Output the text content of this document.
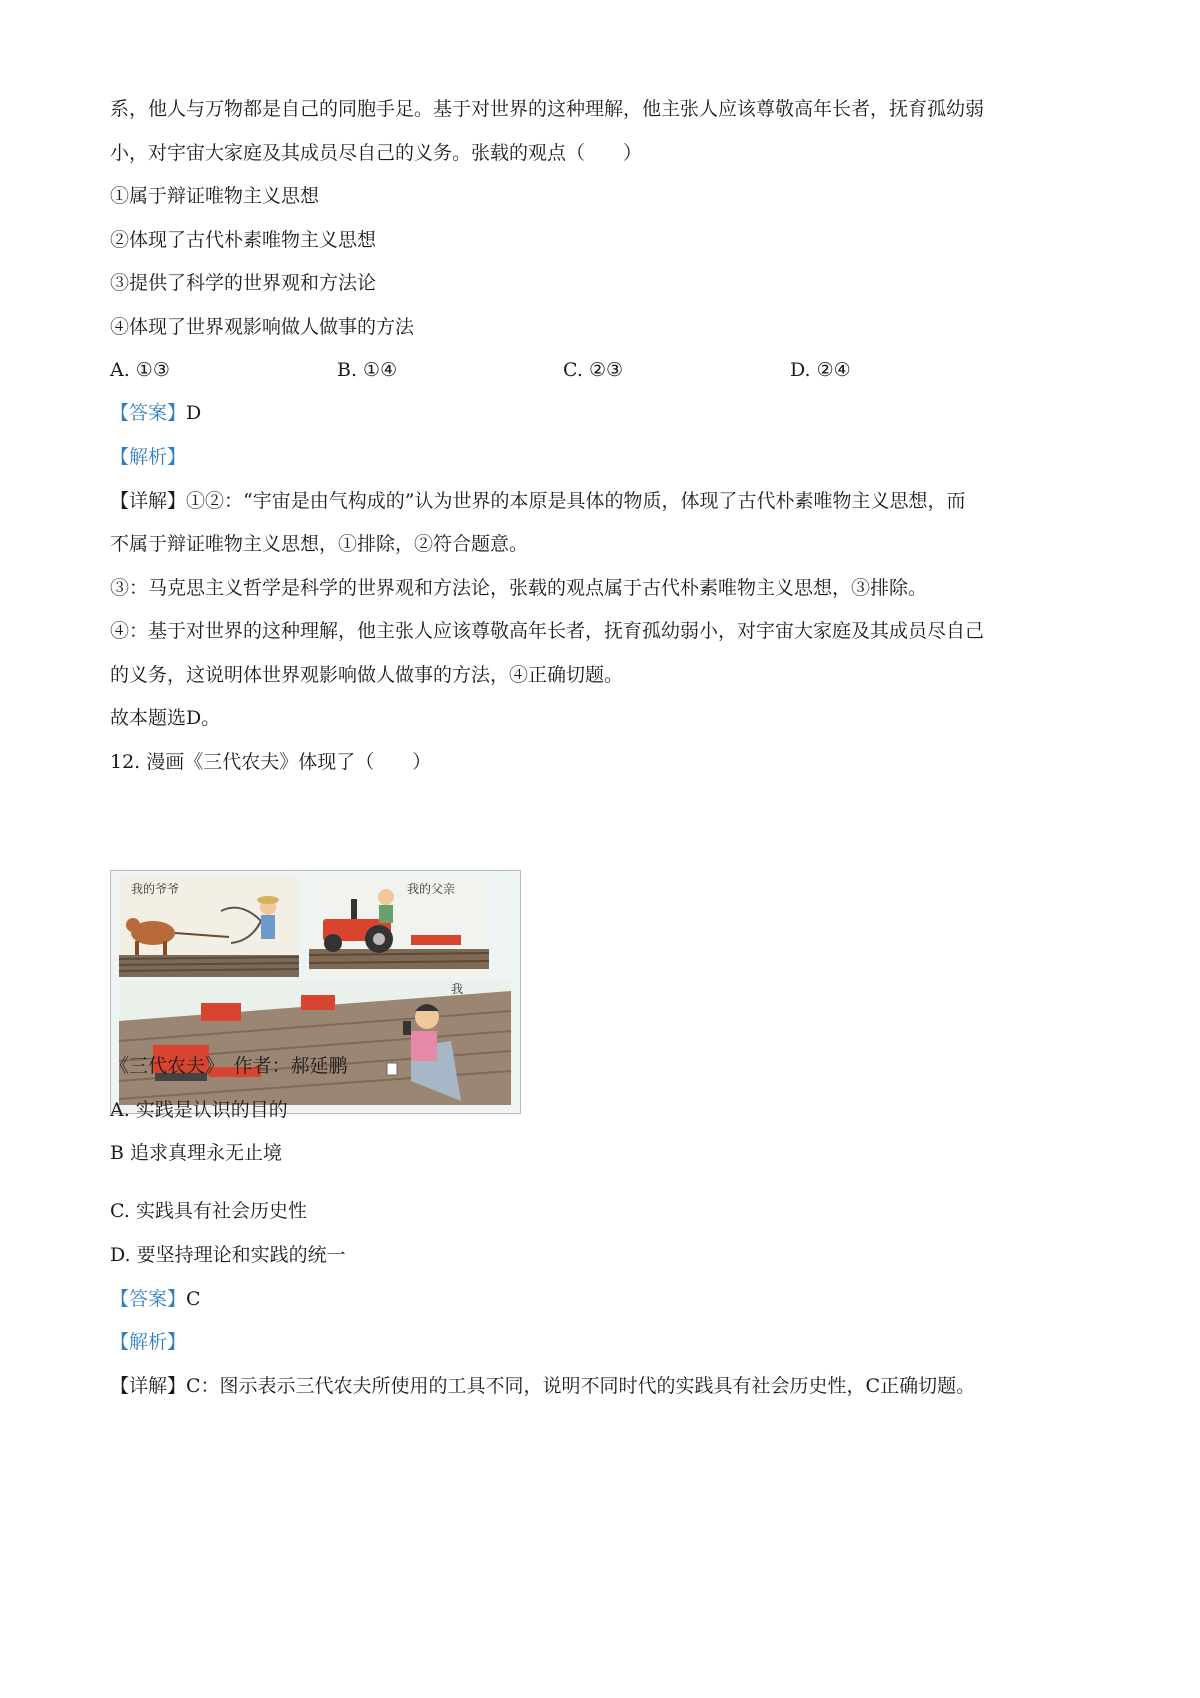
系，他人与万物都是自己的同胞手足。基于对世界的这种理解，他主张人应该尊敬高年长者，抚育孤幼弱
小，对宇宙大家庭及其成员尽自己的义务。张载的观点（　　）
①属于辩证唯物主义思想
②体现了古代朴素唯物主义思想
③提供了科学的世界观和方法论
④体现了世界观影响做人做事的方法
A. ①③	B. ①④	C. ②③	D. ②④
【答案】D
【解析】
【详解】①②：“宇宙是由气构成的”认为世界的本原是具体的物质，体现了古代朴素唯物主义思想，而
不属于辩证唯物主义思想，①排除，②符合题意。
③：马克思主义哲学是科学的世界观和方法论，张载的观点属于古代朴素唯物主义思想，③排除。
④：基于对世界的这种理解，他主张人应该尊敬高年长者，抚育孤幼弱小，对宇宙大家庭及其成员尽自己
的义务，这说明体世界观影响做人做事的方法，④正确切题。
故本题选D。
12. 漫画《三代农夫》体现了（　　）
我的爷爷	我的父亲
我
《三代农夫》　作者：郝延鹏
A. 实践是认识的目的
B 追求真理永无止境
C. 实践具有社会历史性
D. 要坚持理论和实践的统一
【答案】C
【解析】
【详解】C：图示表示三代农夫所使用的工具不同，说明不同时代的实践具有社会历史性，C正确切题。
